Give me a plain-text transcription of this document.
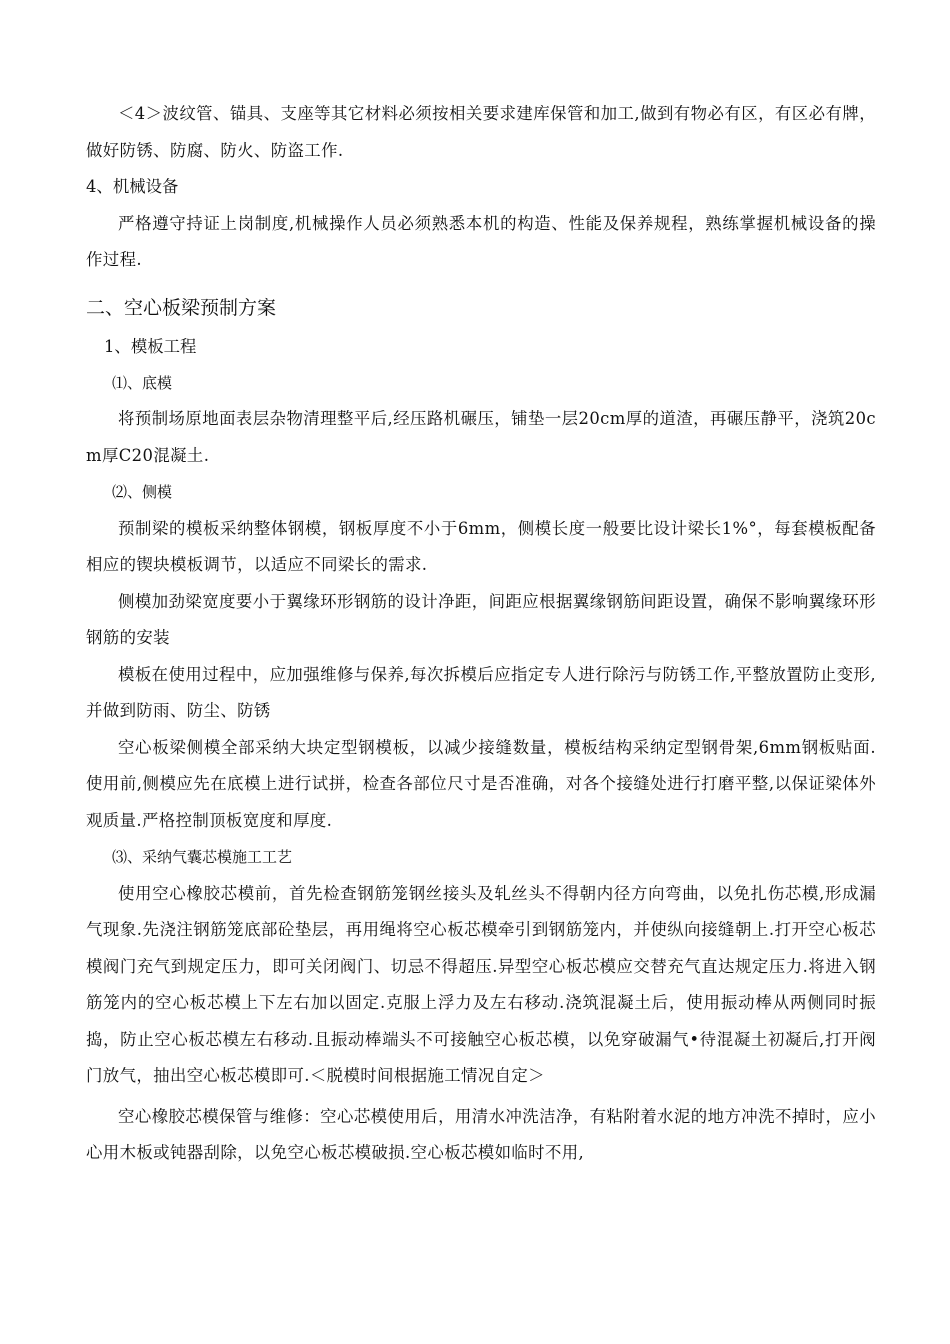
＜4＞波纹管、锚具、支座等其它材料必须按相关要求建库保管和加工,做到有物必有区，有区必有牌，做好防锈、防腐、防火、防盗工作.

4、机械设备

严格遵守持证上岗制度,机械操作人员必须熟悉本机的构造、性能及保养规程，熟练掌握机械设备的操作过程.

二、空心板梁预制方案

1、模板工程

⑴、底模

将预制场原地面表层杂物清理整平后,经压路机碾压，铺垫一层20cm厚的道渣，再碾压静平，浇筑20cm厚C20混凝土.

⑵、侧模

预制梁的模板采纳整体钢模，钢板厚度不小于6mm，侧模长度一般要比设计梁长1%°，每套模板配备相应的锲块模板调节，以适应不同梁长的需求.

侧模加劲梁宽度要小于翼缘环形钢筋的设计净距，间距应根据翼缘钢筋间距设置，确保不影响翼缘环形钢筋的安装

模板在使用过程中，应加强维修与保养,每次拆模后应指定专人进行除污与防锈工作,平整放置防止变形,并做到防雨、防尘、防锈

空心板梁侧模全部采纳大块定型钢模板，以减少接缝数量，模板结构采纳定型钢骨架,6mm钢板贴面.使用前,侧模应先在底模上进行试拼，检查各部位尺寸是否准确，对各个接缝处进行打磨平整,以保证梁体外观质量.严格控制顶板宽度和厚度.

⑶、采纳气囊芯模施工工艺

使用空心橡胶芯模前，首先检查钢筋笼钢丝接头及轧丝头不得朝内径方向弯曲，以免扎伤芯模,形成漏气现象.先浇注钢筋笼底部砼垫层，再用绳将空心板芯模牵引到钢筋笼内，并使纵向接缝朝上.打开空心板芯模阀门充气到规定压力，即可关闭阀门、切忌不得超压.异型空心板芯模应交替充气直达规定压力.将进入钢筋笼内的空心板芯模上下左右加以固定.克服上浮力及左右移动.浇筑混凝土后，使用振动棒从两侧同时振捣，防止空心板芯模左右移动.且振动棒端头不可接触空心板芯模，以免穿破漏气•待混凝土初凝后,打开阀门放气，抽出空心板芯模即可.＜脱模时间根据施工情况自定＞

空心橡胶芯模保管与维修：空心芯模使用后，用清水冲洗洁净，有粘附着水泥的地方冲洗不掉时，应小心用木板或钝器刮除，以免空心板芯模破损.空心板芯模如临时不用,
